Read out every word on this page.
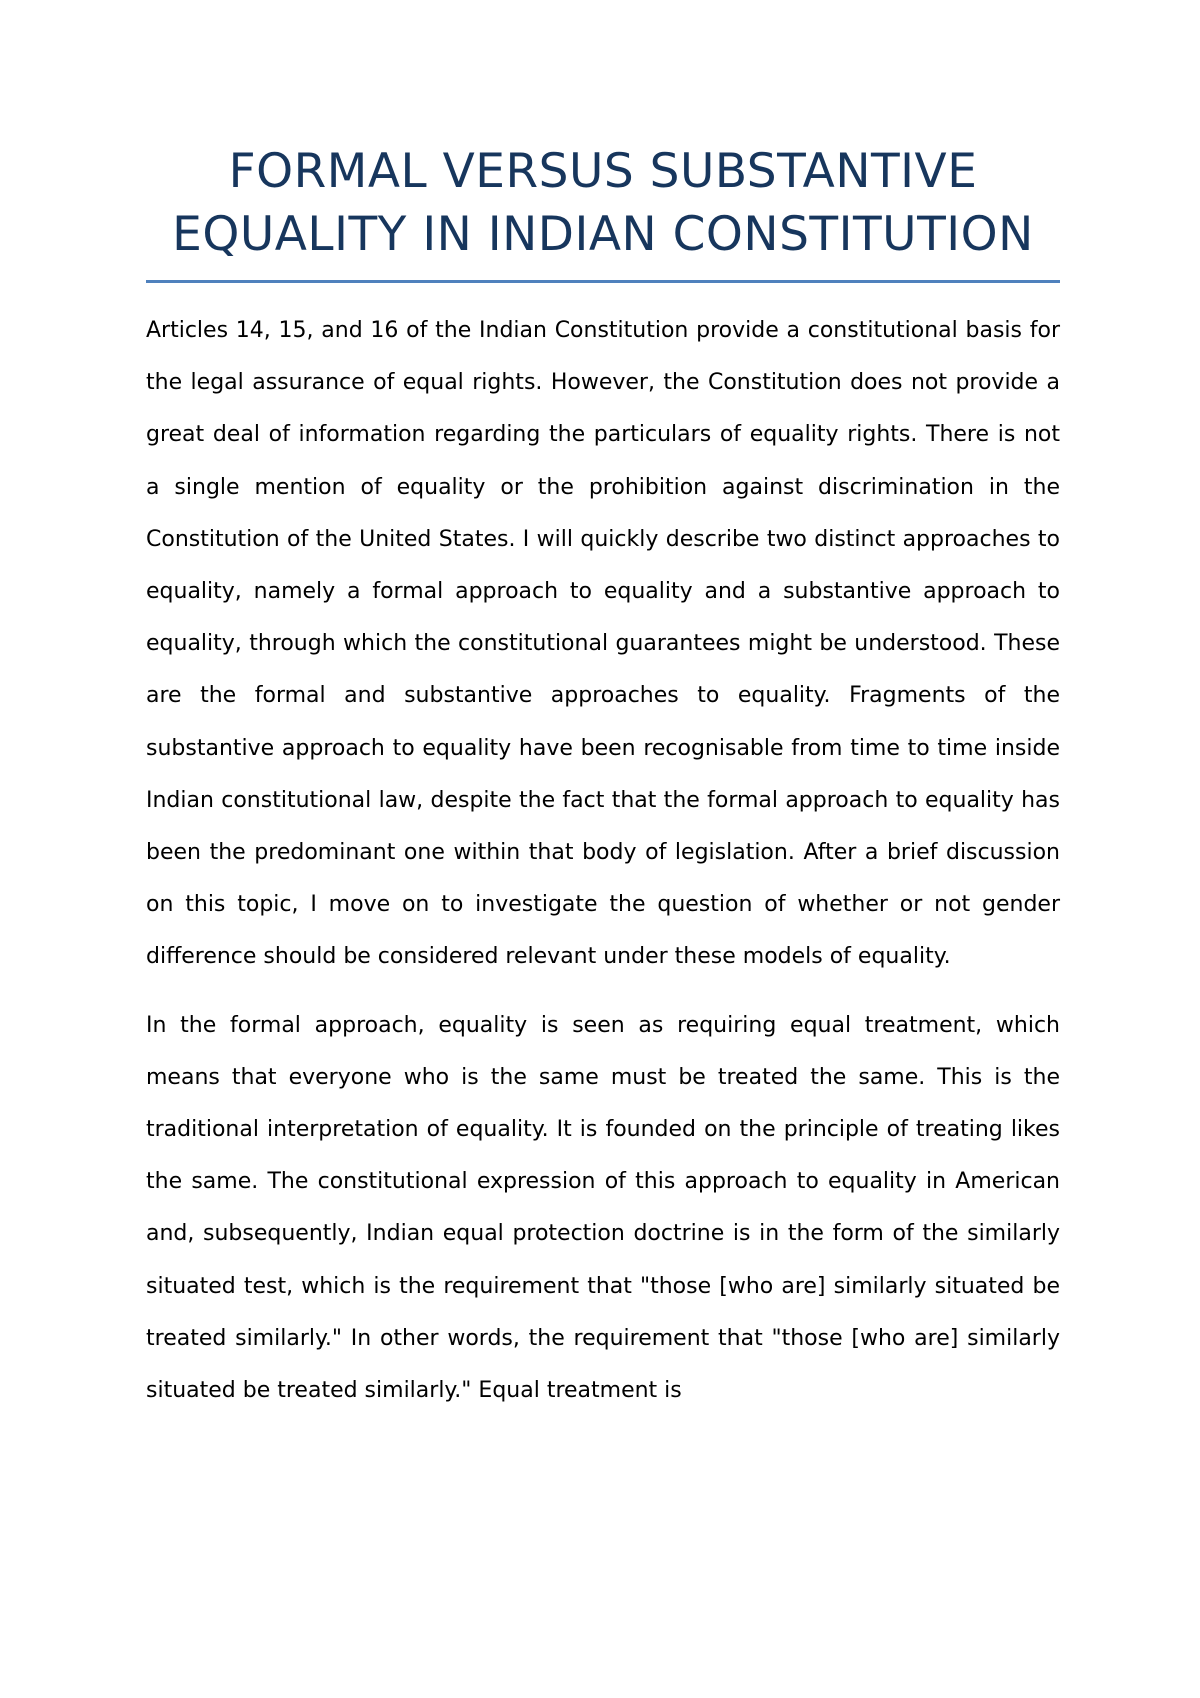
FORMAL VERSUS SUBSTANTIVE EQUALITY IN INDIAN CONSTITUTION

Articles 14, 15, and 16 of the Indian Constitution provide a constitutional basis for the legal assurance of equal rights. However, the Constitution does not provide a great deal of information regarding the particulars of equality rights. There is not a single mention of equality or the prohibition against discrimination in the Constitution of the United States. I will quickly describe two distinct approaches to equality, namely a formal approach to equality and a substantive approach to equality, through which the constitutional guarantees might be understood. These are the formal and substantive approaches to equality. Fragments of the substantive approach to equality have been recognisable from time to time inside Indian constitutional law, despite the fact that the formal approach to equality has been the predominant one within that body of legislation. After a brief discussion on this topic, I move on to investigate the question of whether or not gender difference should be considered relevant under these models of equality.

In the formal approach, equality is seen as requiring equal treatment, which means that everyone who is the same must be treated the same. This is the traditional interpretation of equality. It is founded on the principle of treating likes the same. The constitutional expression of this approach to equality in American and, subsequently, Indian equal protection doctrine is in the form of the similarly situated test, which is the requirement that "those [who are] similarly situated be treated similarly." In other words, the requirement that "those [who are] similarly situated be treated similarly." Equal treatment is
